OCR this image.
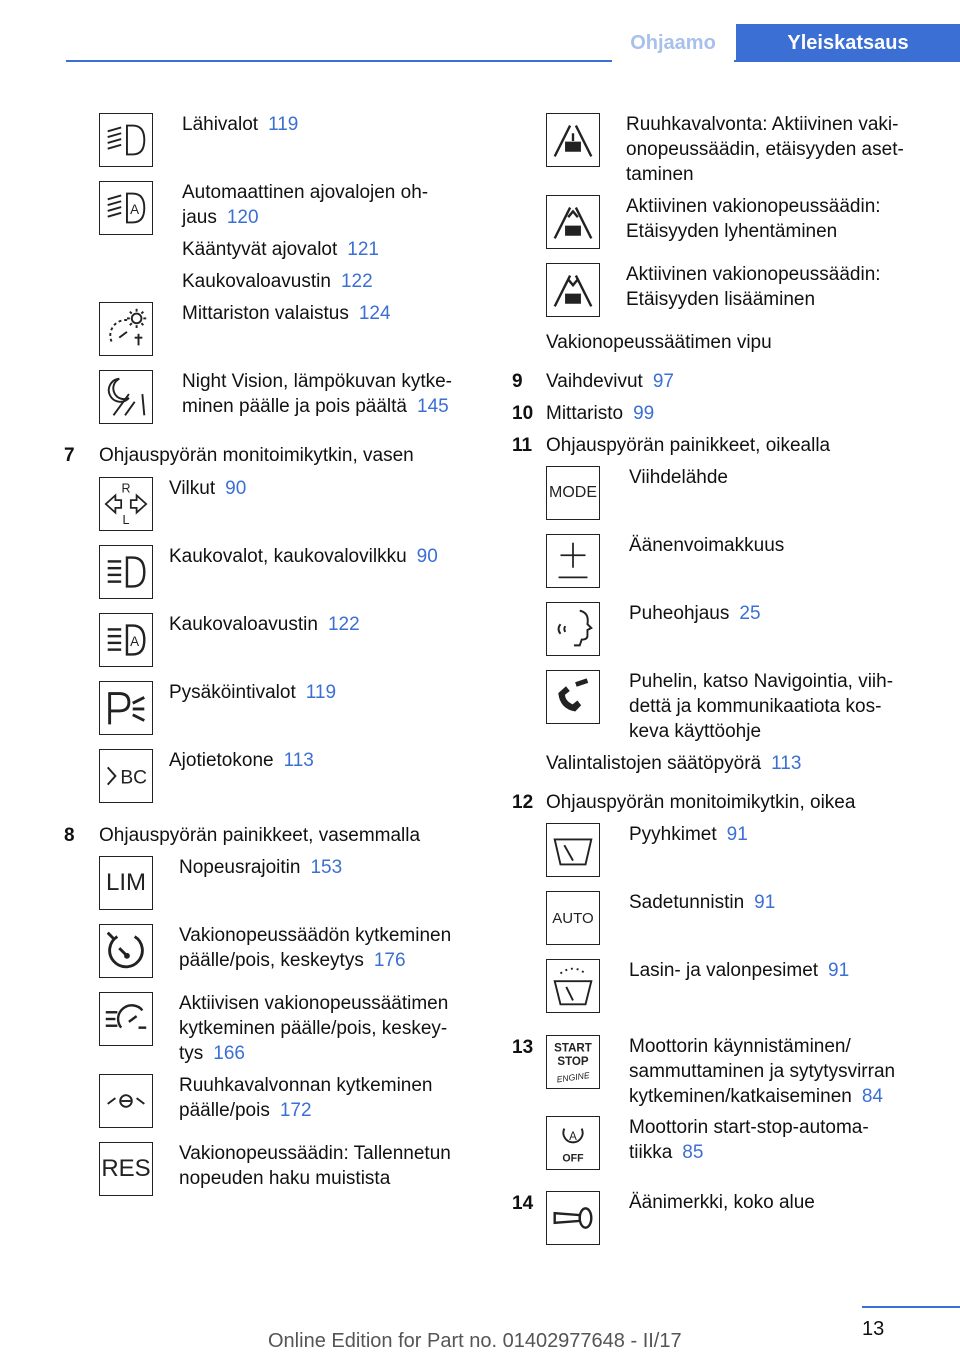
Ohjaamo	Yleiskatsaus
Lähivalot 119
A
Automaattinen ajovalojen oh-
jaus 120
Kääntyvät ajovalot 121
Kaukovaloavustin 122
Mittariston valaistus 124
Night Vision, lämpökuvan kytke-
minen päälle ja pois päältä 145
7 Ohjauspyörän monitoimikytkin, vasen
R
L
Vilkut 90
Kaukovalot, kaukovalovilkku 90
A
Kaukovaloavustin 122
Pysäköintivalot 119
BC
Ajotietokone 113
8 Ohjauspyörän painikkeet, vasemmalla
LIM
Nopeusrajoitin 153
Vakionopeussäädön kytkeminen
päälle/pois, keskeytys 176
Aktiivisen vakionopeussäätimen
kytkeminen päälle/pois, keskey-
tys 166
Ruuhkavalvonnan kytkeminen
päälle/pois 172
RES
Vakionopeussäädin: Tallennetun
nopeuden haku muistista
Ruuhkavalvonta: Aktiivinen vaki-
onopeussäädin, etäisyyden aset-
taminen
Aktiivinen vakionopeussäädin:
Etäisyyden lyhentäminen
Aktiivinen vakionopeussäädin:
Etäisyyden lisääminen
Vakionopeussäätimen vipu
9 Vaihdevivut 97
10 Mittaristo 99
11 Ohjauspyörän painikkeet, oikealla
MODE
Viihdelähde
Äänenvoimakkuus
Puheohjaus 25
Puhelin, katso Navigointia, viih-
dettä ja kommunikaatiota kos-
keva käyttöohje
Valintalistojen säätöpyörä 113
12 Ohjauspyörän monitoimikytkin, oikea
Pyyhkimet 91
AUTO
Sadetunnistin 91
Lasin- ja valonpesimet 91
13 START
STOP
ENGINE
Moottorin käynnistäminen/
sammuttaminen ja sytytysvirran
kytkeminen/katkaiseminen 84
A
OFF
Moottorin start-stop-automa-
tiikka 85
14	Äänimerkki, koko alue
13
Online Edition for Part no. 01402977648 - II/17
